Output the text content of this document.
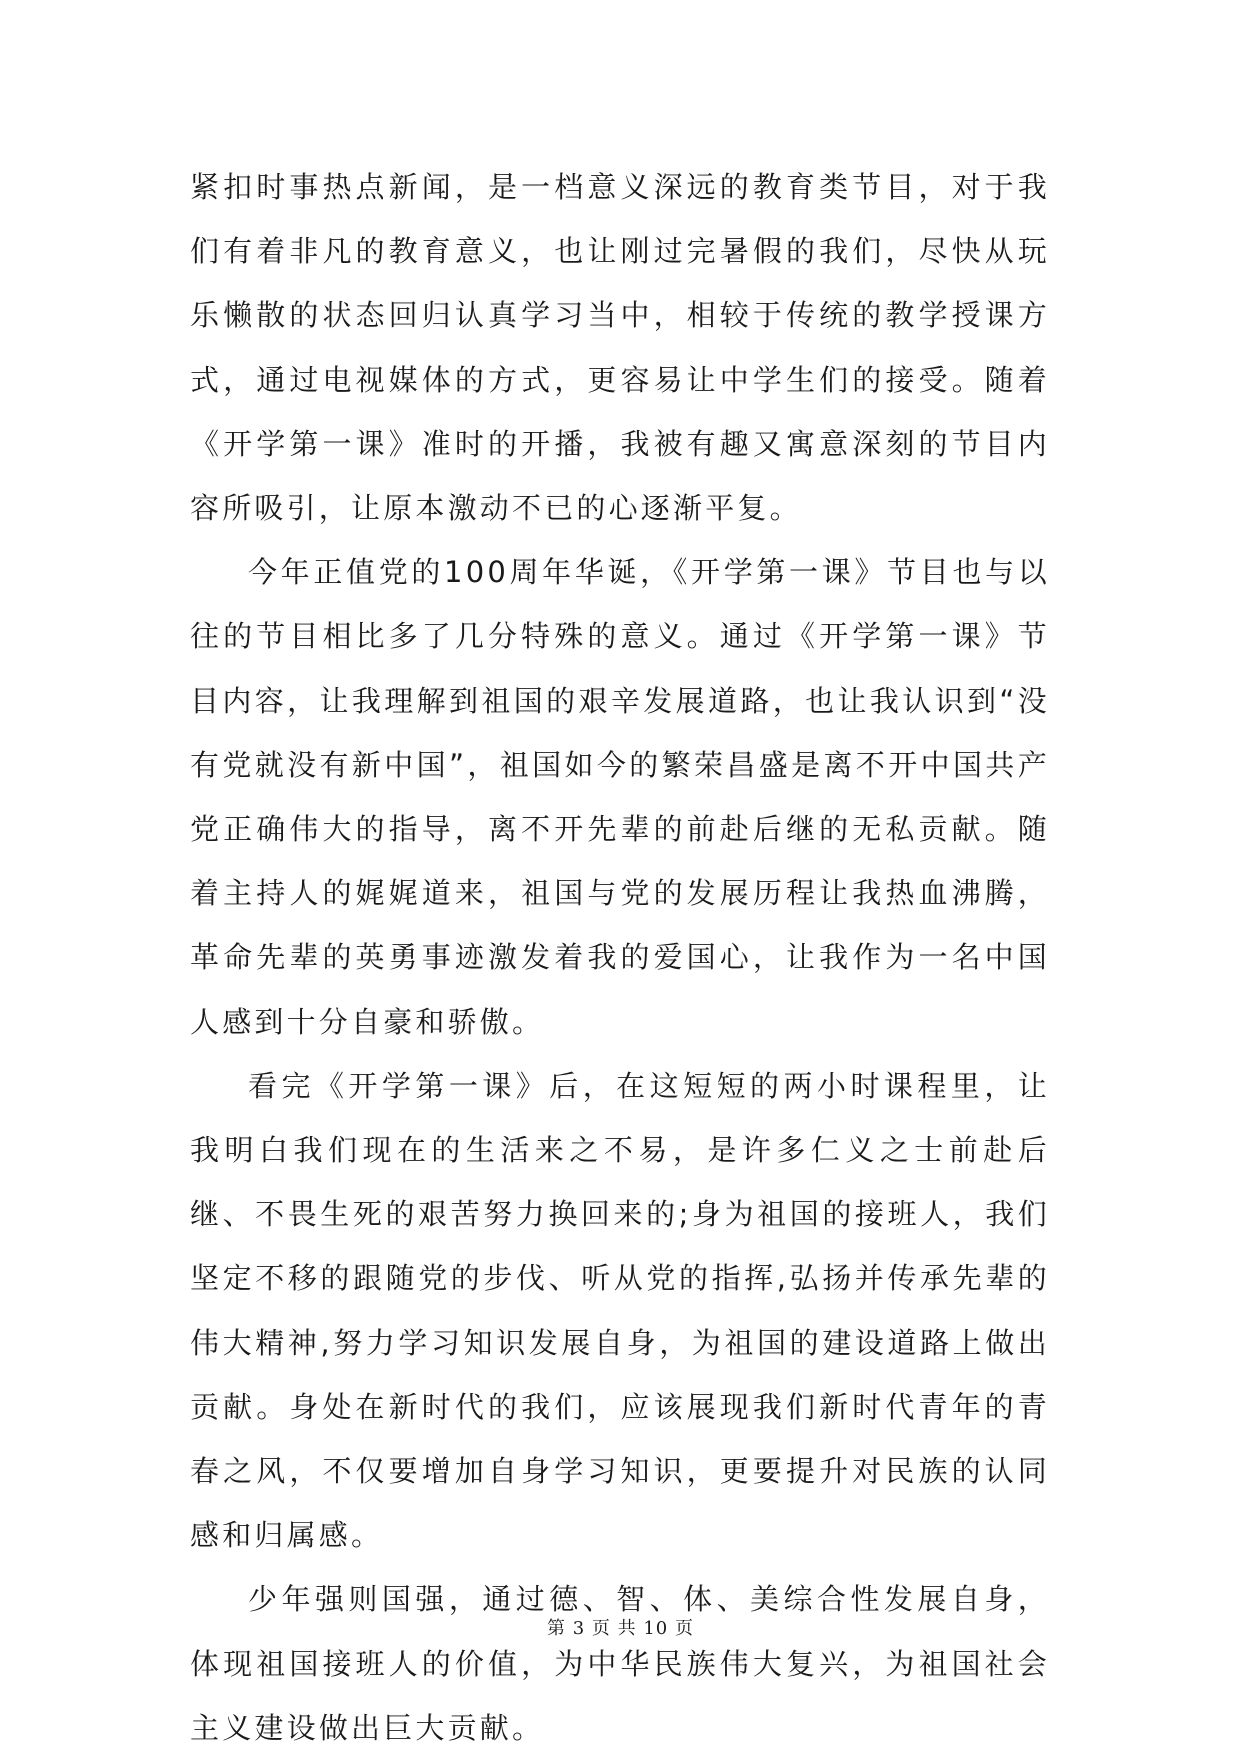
紧扣时事热点新闻，是一档意义深远的教育类节目，对于我们有着非凡的教育意义，也让刚过完暑假的我们，尽快从玩乐懒散的状态回归认真学习当中，相较于传统的教学授课方式，通过电视媒体的方式，更容易让中学生们的接受。随着《开学第一课》准时的开播，我被有趣又寓意深刻的节目内容所吸引，让原本激动不已的心逐渐平复。

今年正值党的100周年华诞，《开学第一课》节目也与以往的节目相比多了几分特殊的意义。通过《开学第一课》节目内容，让我理解到祖国的艰辛发展道路，也让我认识到“没有党就没有新中国”，祖国如今的繁荣昌盛是离不开中国共产党正确伟大的指导，离不开先辈的前赴后继的无私贡献。随着主持人的娓娓道来，祖国与党的发展历程让我热血沸腾，革命先辈的英勇事迹激发着我的爱国心，让我作为一名中国人感到十分自豪和骄傲。

看完《开学第一课》后，在这短短的两小时课程里，让我明白我们现在的生活来之不易，是许多仁义之士前赴后继、不畏生死的艰苦努力换回来的;身为祖国的接班人，我们坚定不移的跟随党的步伐、听从党的指挥,弘扬并传承先辈的伟大精神,努力学习知识发展自身，为祖国的建设道路上做出贡献。身处在新时代的我们，应该展现我们新时代青年的青春之风，不仅要增加自身学习知识，更要提升对民族的认同感和归属感。

少年强则国强，通过德、智、体、美综合性发展自身，体现祖国接班人的价值，为中华民族伟大复兴，为祖国社会主义建设做出巨大贡献。

第 3 页 共 10 页
